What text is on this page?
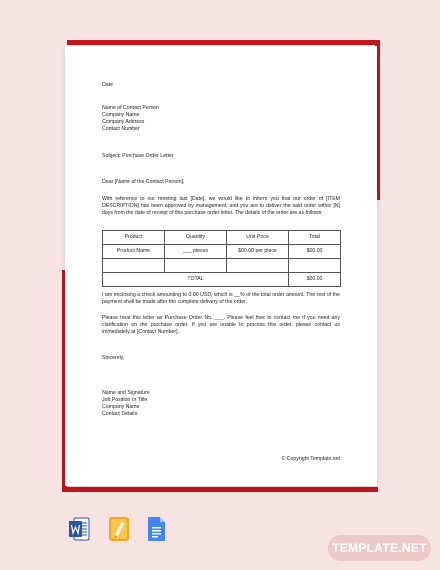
Date
Name of Contact Person
Company Name
Company Address
Contact Number
Subject: Purchase Order Letter
Dear [Name of the Contact Person],
With reference to our meeting last [Date], we would like to inform you that our order of [ITEM DESCRIPTION] has been approved by management, and you are to deliver the said order within [N] days from the date of receipt of this purchase order letter. The details of the order are as follows:
Product	Quantity	Unit Price	Total
Product Name	___ pieces	$00.00 per piece	$00.00

TOTAL			$00.00
I am enclosing a check amounting to 0.00 USD, which is __% of the total order amount. The rest of the payment shall be made after the complete delivery of the order.
Please treat this letter as Purchase Order No. ___. Please feel free to contact me if you need any clarification on the purchase order. If you are unable to process this order, please contact us immediately at [Contact Number].
Sincerely,
Name and Signature
Job Position or Title
Company Name
Contact Details
© Copyright Template.net
TEMPLATE.NET
